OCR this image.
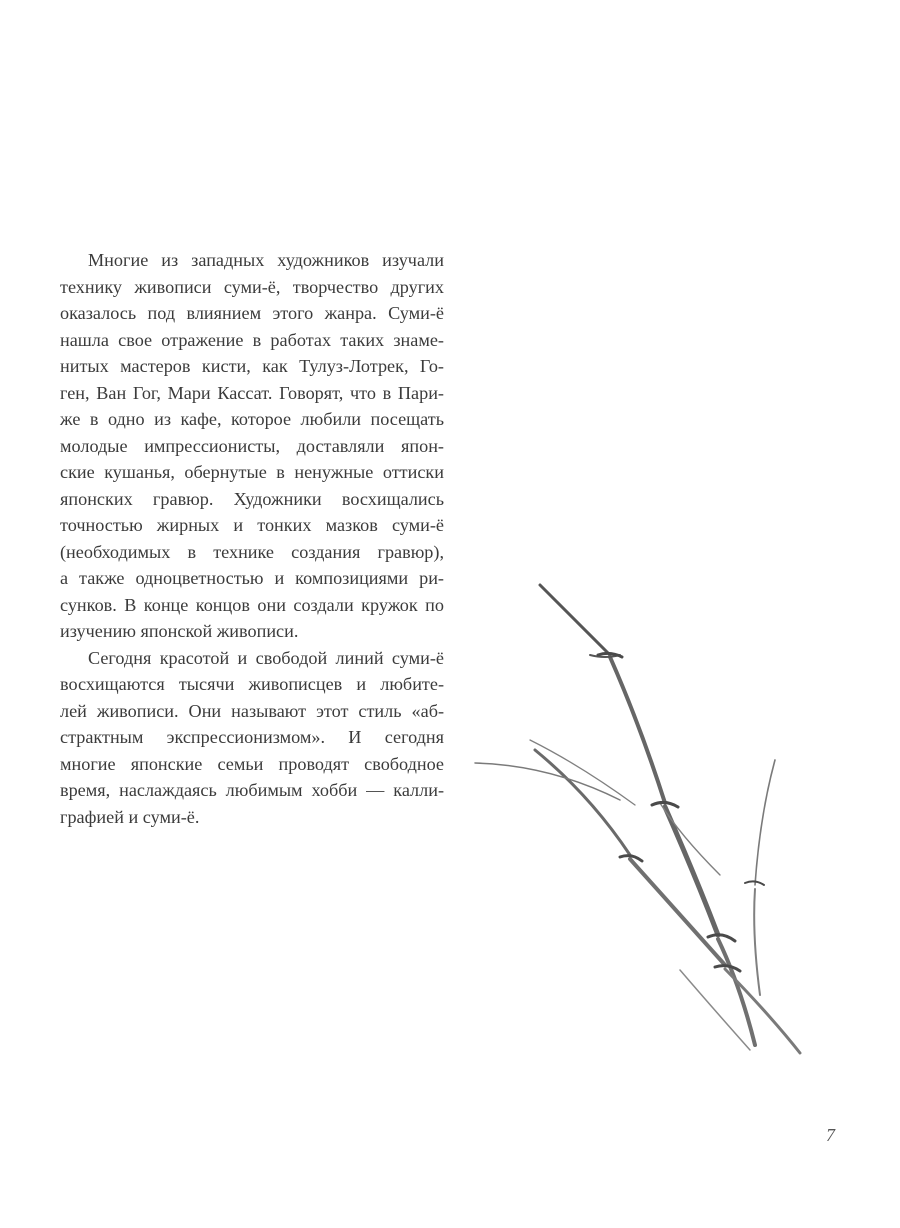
Многие из западных художников изучали
технику живописи суми-ё, творчество других
оказалось под влиянием этого жанра. Суми-ё
нашла свое отражение в работах таких знаме-
нитых мастеров кисти, как Тулуз-Лотрек, Го-
ген, Ван Гог, Мари Кассат. Говорят, что в Пари-
же в одно из кафе, которое любили посещать
молодые импрессионисты, доставляли япон-
ские кушанья, обернутые в ненужные оттиски
японских гравюр. Художники восхищались
точностью жирных и тонких мазков суми-ё
(необходимых в технике создания гравюр),
а также одноцветностью и композициями ри-
сунков. В конце концов они создали кружок по
изучению японской живописи.
Сегодня красотой и свободой линий суми-ё
восхищаются тысячи живописцев и любите-
лей живописи. Они называют этот стиль «аб-
страктным экспрессионизмом». И сегодня
многие японские семьи проводят свободное
время, наслаждаясь любимым хобби — калли-
графией и суми-ё.
7
